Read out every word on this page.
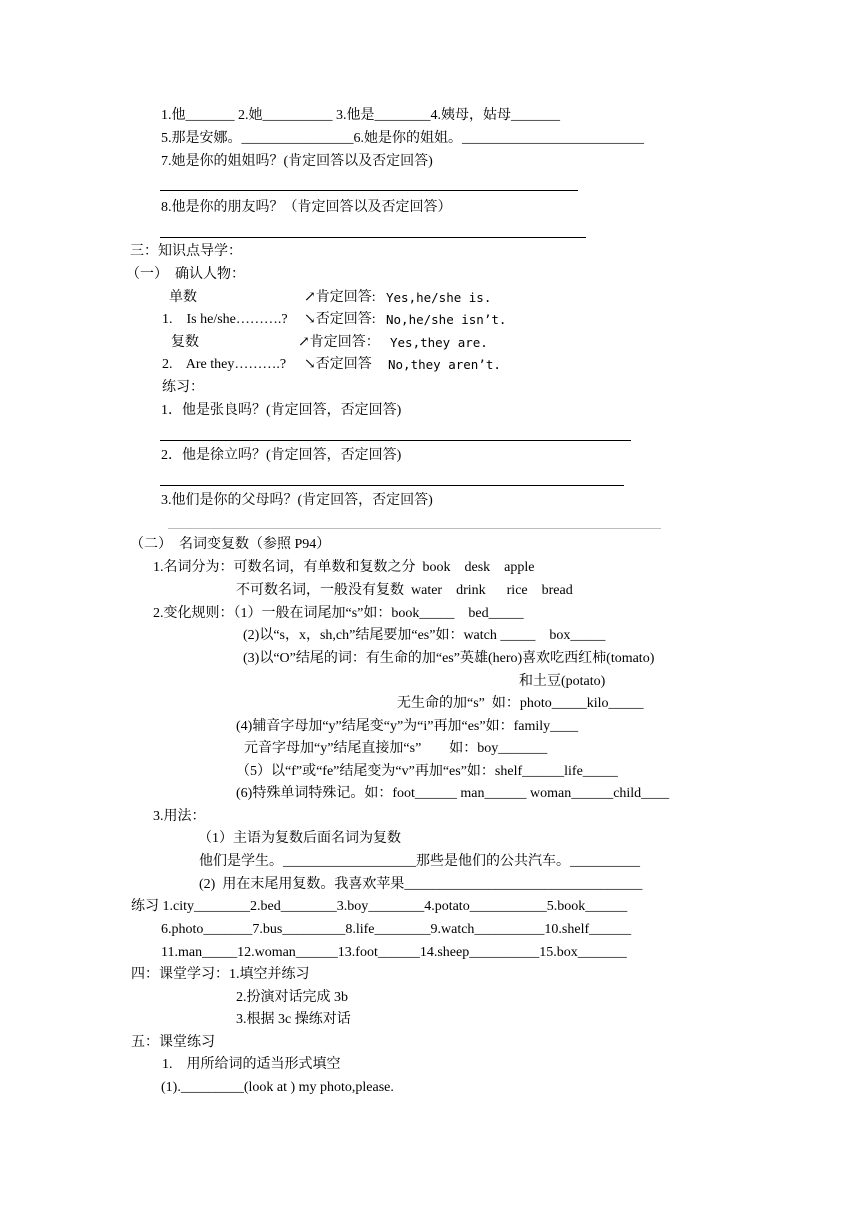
1.他_______ 2.她__________ 3.他是________4.姨母，姑母_______
5.那是安娜。________________6.她是你的姐姐。__________________________
7.她是你的姐姐吗？(肯定回答以及否定回答)
8.他是你的朋友吗？（肯定回答以及否定回答）
三：知识点导学：
（一）  确认人物：
单数	↗肯定回答: Yes,he/she is.
1.    Is he/she……….? ↘否定回答: No,he/she isn’t.
复数	↗肯定回答： Yes,they are.
2.    Are they……….? ↘否定回答 No,they aren’t.
练习：
1．他是张良吗？(肯定回答，否定回答)
2．他是徐立吗？(肯定回答，否定回答)
3.他们是你的父母吗？(肯定回答，否定回答)
（二）  名词变复数（参照 P94）
1.名词分为：可数名词，有单数和复数之分  book    desk    apple
不可数名词，一般没有复数  water    drink      rice    bread
2.变化规则：（1）一般在词尾加“s”如：book_____    bed_____
(2)以“s，x，sh,ch”结尾要加“es”如：watch _____    box_____
(3)以“O”结尾的词：有生命的加“es”英雄(hero)喜欢吃西红柿(tomato)
和土豆(potato)
无生命的加“s”  如：photo_____kilo_____
(4)辅音字母加“y”结尾变“y”为“i”再加“es”如：family____
元音字母加“y”结尾直接加“s”        如：boy_______
（5）以“f”或“fe”结尾变为“v”再加“es”如：shelf______life_____
(6)特殊单词特殊记。如：foot______ man______ woman______child____
3.用法：
（1）主语为复数后面名词为复数
他们是学生。___________________那些是他们的公共汽车。__________
(2)  用在末尾用复数。我喜欢苹果__________________________________
练习 1.city________2.bed________3.boy________4.potato___________5.book______
6.photo_______7.bus_________8.life________9.watch__________10.shelf______
11.man_____12.woman______13.foot______14.sheep__________15.box_______
四：课堂学习：1.填空并练习
2.扮演对话完成 3b
3.根据 3c 操练对话
五：课堂练习
1.    用所给词的适当形式填空
(1)._________(look at ) my photo,please.
